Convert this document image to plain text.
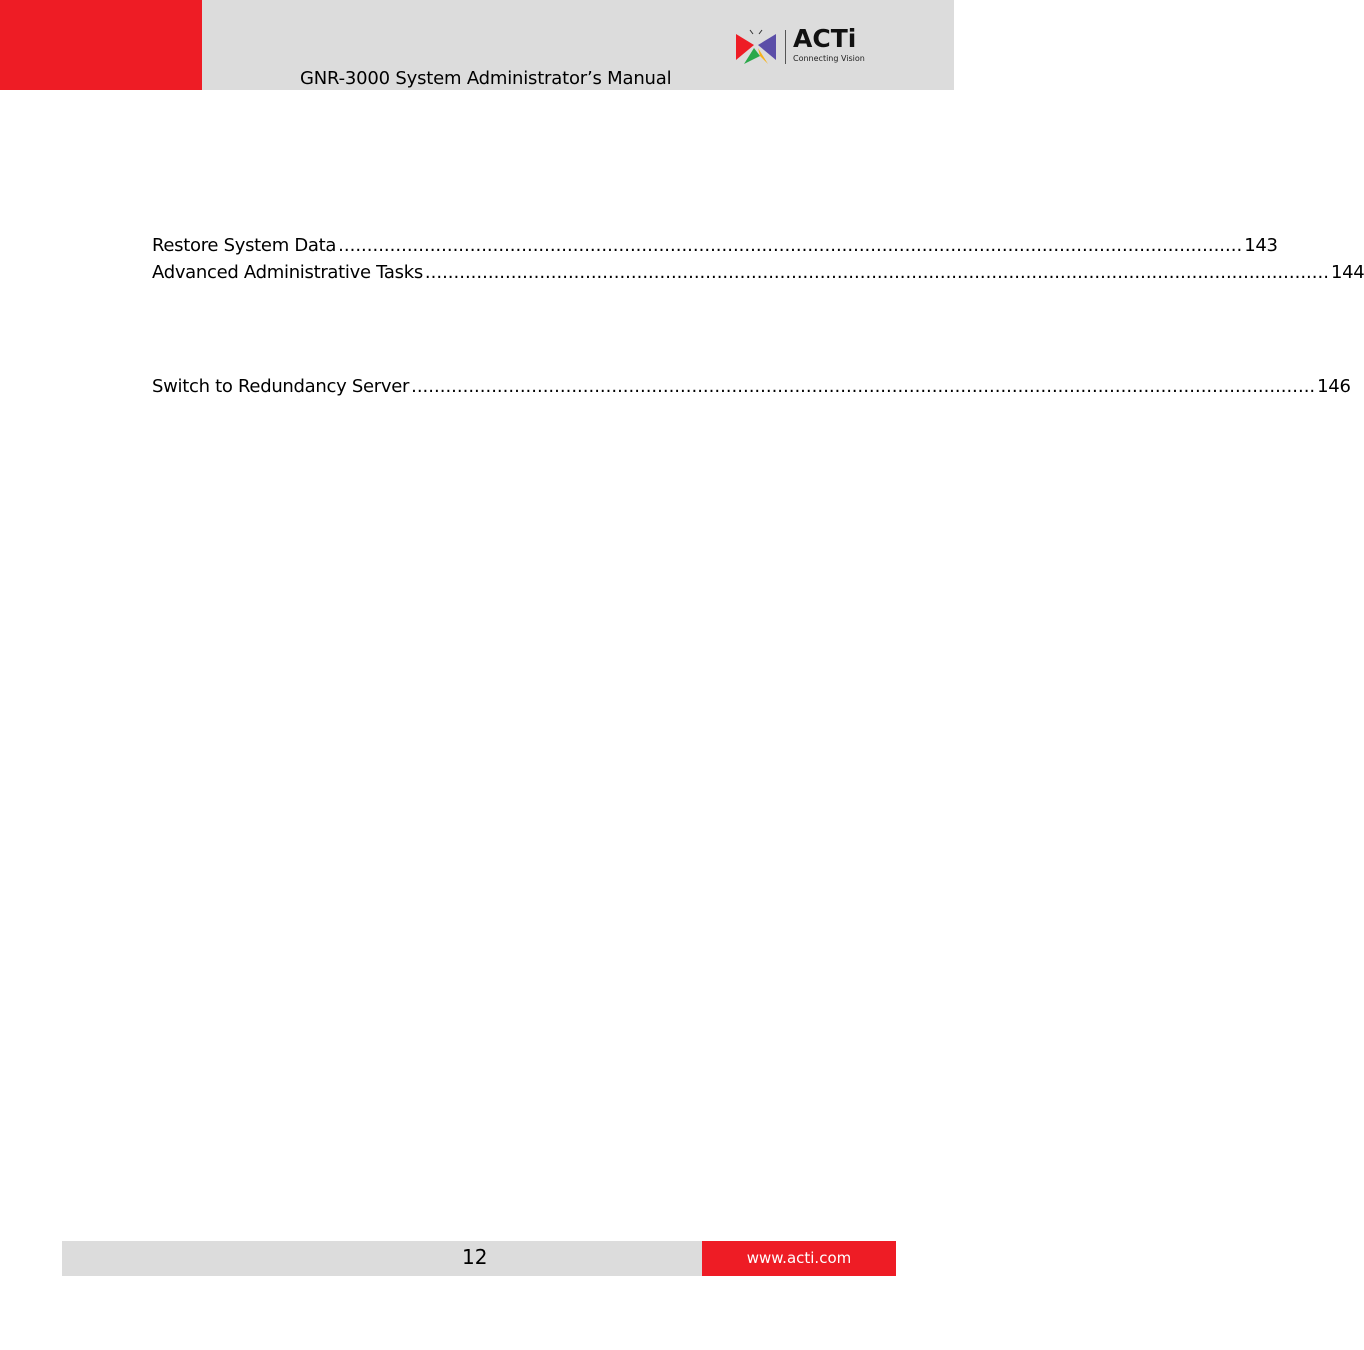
GNR-3000 System Administrator’s Manual
ACTi
Connecting Vision
Restore System Data .............................................................................................................................................................. 143
Advanced Administrative Tasks .............................................................................................................................................................. 144
Switch to Redundancy Server .............................................................................................................................................................. 146
12	www.acti.com
